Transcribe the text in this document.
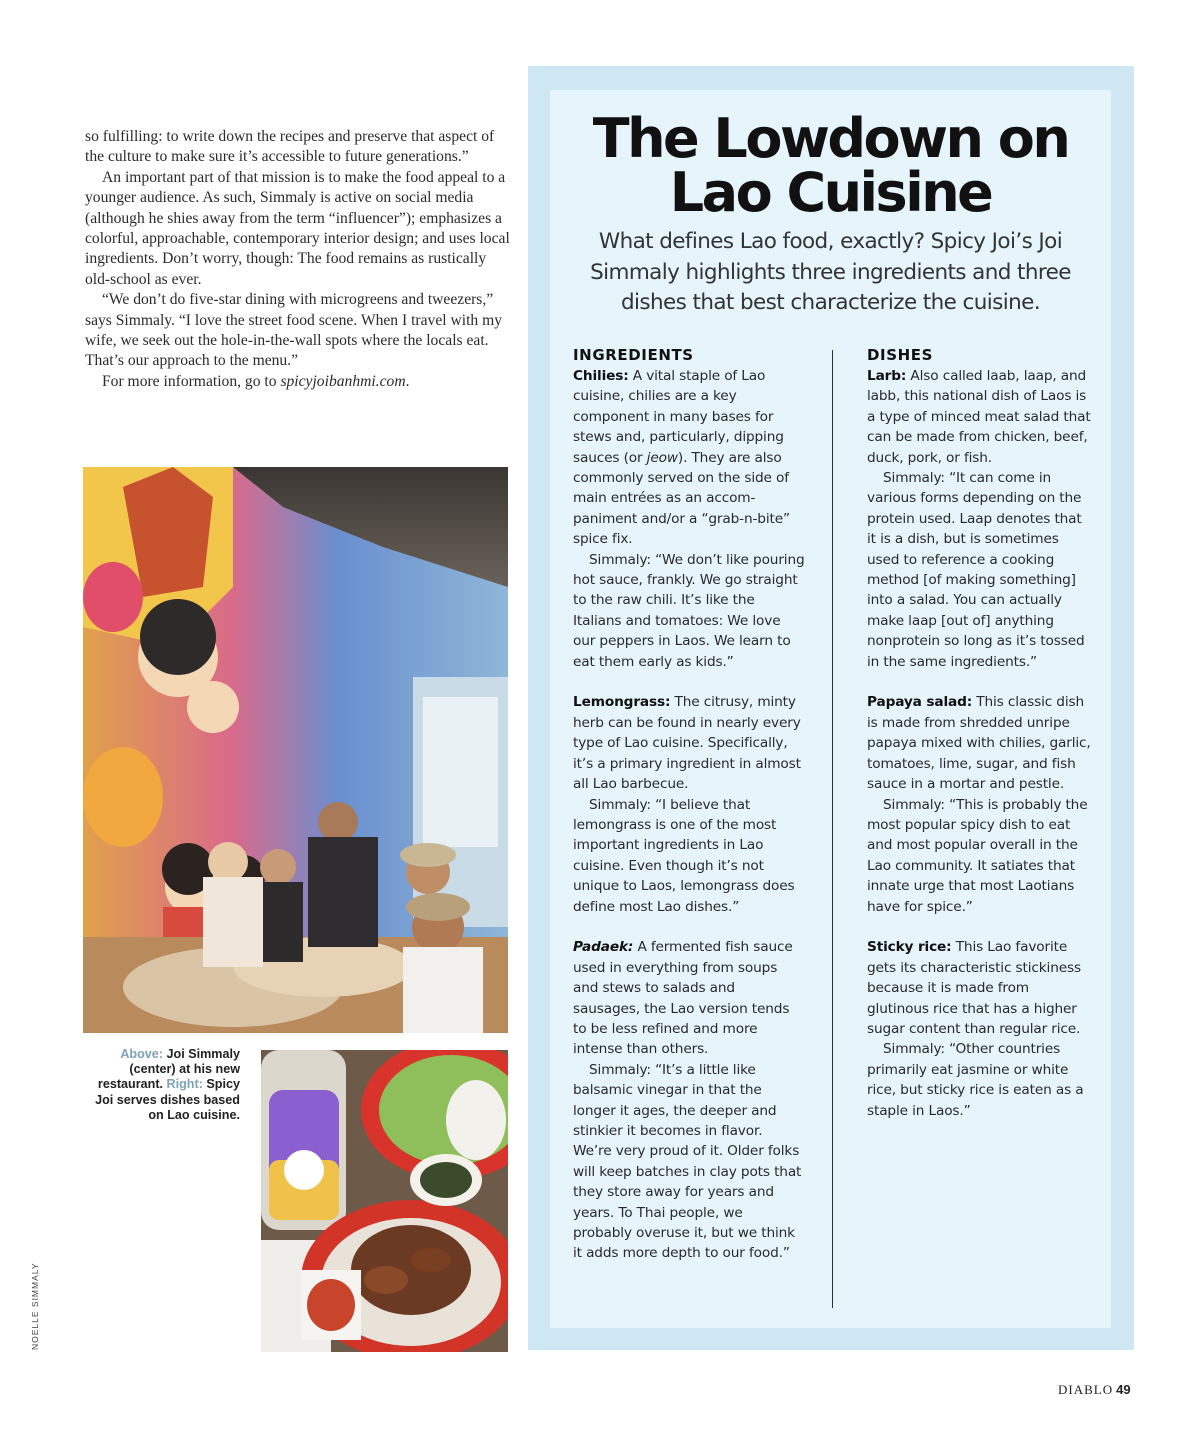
so fulfilling: to write down the recipes and preserve that aspect of the culture to make sure it’s accessible to future generations.”

An important part of that mission is to make the food appeal to a younger audience. As such, Simmaly is active on social media (although he shies away from the term “influencer”); emphasizes a colorful, approachable, contemporary interior design; and uses local ingredients. Don’t worry, though: The food remains as rustically old-school as ever.

“We don’t do five-star dining with microgreens and tweezers,” says Simmaly. “I love the street food scene. When I travel with my wife, we seek out the hole-in-the-wall spots where the locals eat. That’s our approach to the menu.”

For more information, go to spicyjoibanhmi.com.

Above: Joi Simmaly (center) at his new restaurant. Right: Spicy Joi serves dishes based on Lao cuisine.
NOELLE SIMMALY
The Lowdown on
Lao Cuisine

What defines Lao food, exactly? Spicy Joi’s Joi Simmaly highlights three ingredients and three dishes that best characterize the cuisine.

INGREDIENTS

Chilies: A vital staple of Lao cuisine, chilies are a key component in many bases for stews and, particularly, dipping sauces (or jeow). They are also commonly served on the side of main entrées as an accompaniment and/or a “grab-n-bite” spice fix.

Simmaly: “We don’t like pouring hot sauce, frankly. We go straight to the raw chili. It’s like the Italians and tomatoes: We love our peppers in Laos. We learn to eat them early as kids.”

Lemongrass: The citrusy, minty herb can be found in nearly every type of Lao cuisine. Specifically, it’s a primary ingredient in almost all Lao barbecue.

Simmaly: “I believe that lemongrass is one of the most important ingredients in Lao cuisine. Even though it’s not unique to Laos, lemongrass does define most Lao dishes.”

Padaek: A fermented fish sauce used in everything from soups and stews to salads and sausages, the Lao version tends to be less refined and more intense than others.

Simmaly: “It’s a little like balsamic vinegar in that the longer it ages, the deeper and stinkier it becomes in flavor. We’re very proud of it. Older folks will keep batches in clay pots that they store away for years and years. To Thai people, we probably overuse it, but we think it adds more depth to our food.”

DISHES

Larb: Also called laab, laap, and labb, this national dish of Laos is a type of minced meat salad that can be made from chicken, beef, duck, pork, or fish.

Simmaly: “It can come in various forms depending on the protein used. Laap denotes that it is a dish, but is sometimes used to reference a cooking method [of making something] into a salad. You can actually make laap [out of] anything nonprotein so long as it’s tossed in the same ingredients.”

Papaya salad: This classic dish is made from shredded unripe papaya mixed with chilies, garlic, tomatoes, lime, sugar, and fish sauce in a mortar and pestle.

Simmaly: “This is probably the most popular spicy dish to eat and most popular overall in the Lao community. It satiates that innate urge that most Laotians have for spice.”

Sticky rice: This Lao favorite gets its characteristic stickiness because it is made from glutinous rice that has a higher sugar content than regular rice.

Simmaly: “Other countries primarily eat jasmine or white rice, but sticky rice is eaten as a staple in Laos.”

DIABLO 49
